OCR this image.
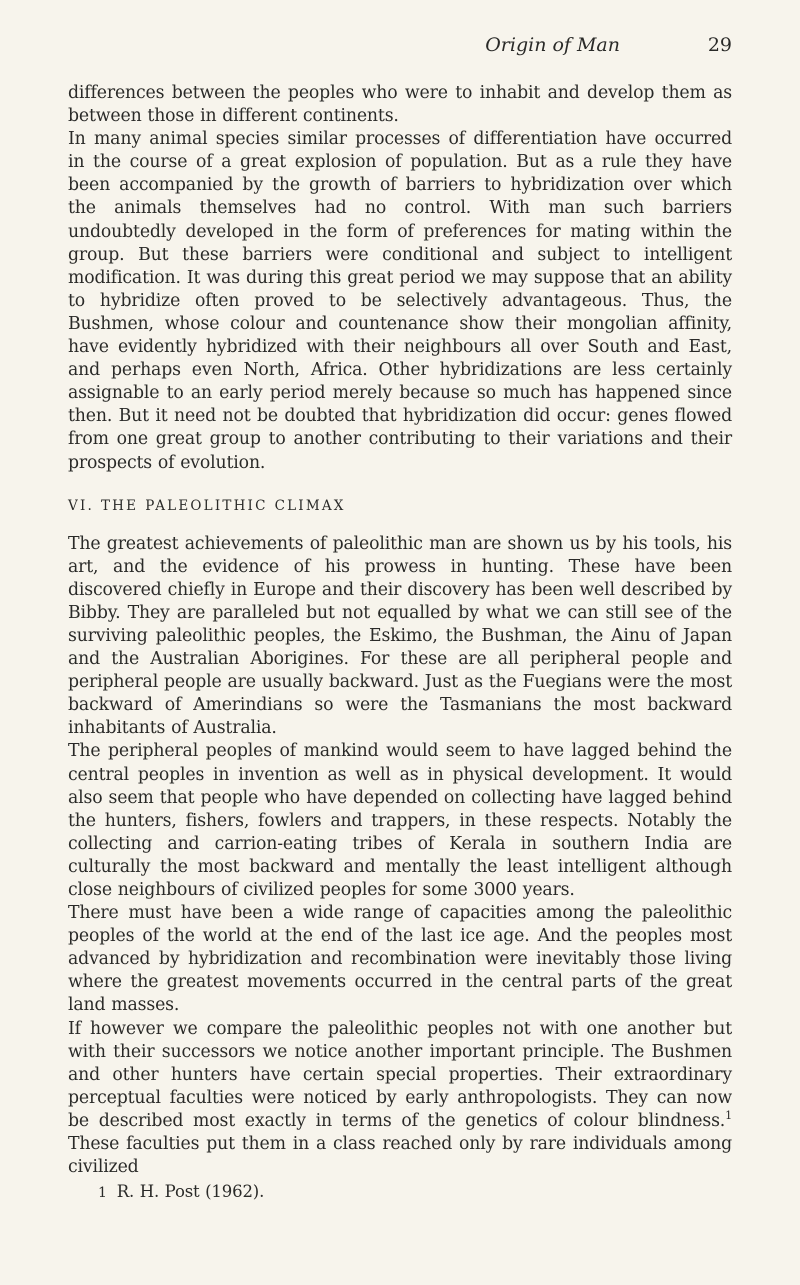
Origin of Man	29

differences between the peoples who were to inhabit and develop them as between those in different continents.

In many animal species similar processes of differentiation have occurred in the course of a great explosion of population. But as a rule they have been accompanied by the growth of barriers to hybridization over which the animals themselves had no control. With man such barriers undoubtedly developed in the form of preferences for mating within the group. But these barriers were conditional and subject to intelligent modification. It was during this great period we may suppose that an ability to hybridize often proved to be selectively advantageous. Thus, the Bushmen, whose colour and countenance show their mongolian affinity, have evidently hybridized with their neighbours all over South and East, and perhaps even North, Africa. Other hybridizations are less certainly assignable to an early period merely because so much has happened since then. But it need not be doubted that hybridization did occur: genes flowed from one great group to another contributing to their variations and their prospects of evolution.

VI. THE PALEOLITHIC CLIMAX

The greatest achievements of paleolithic man are shown us by his tools, his art, and the evidence of his prowess in hunting. These have been discovered chiefly in Europe and their discovery has been well described by Bibby. They are paralleled but not equalled by what we can still see of the surviving paleolithic peoples, the Eskimo, the Bushman, the Ainu of Japan and the Australian Aborigines. For these are all peripheral people and peripheral people are usually backward. Just as the Fuegians were the most backward of Amerindians so were the Tasmanians the most backward inhabitants of Australia.

The peripheral peoples of mankind would seem to have lagged behind the central peoples in invention as well as in physical development. It would also seem that people who have depended on collecting have lagged behind the hunters, fishers, fowlers and trappers, in these respects. Notably the collecting and carrion-eating tribes of Kerala in southern India are culturally the most backward and mentally the least intelligent although close neighbours of civilized peoples for some 3000 years.

There must have been a wide range of capacities among the paleolithic peoples of the world at the end of the last ice age. And the peoples most advanced by hybridization and recombination were inevitably those living where the greatest movements occurred in the central parts of the great land masses.

If however we compare the paleolithic peoples not with one another but with their successors we notice another important principle. The Bushmen and other hunters have certain special properties. Their extraordinary perceptual faculties were noticed by early anthropologists. They can now be described most exactly in terms of the genetics of colour blindness.$^1$ These faculties put them in a class reached only by rare individuals among civilized

1 R. H. Post (1962).
